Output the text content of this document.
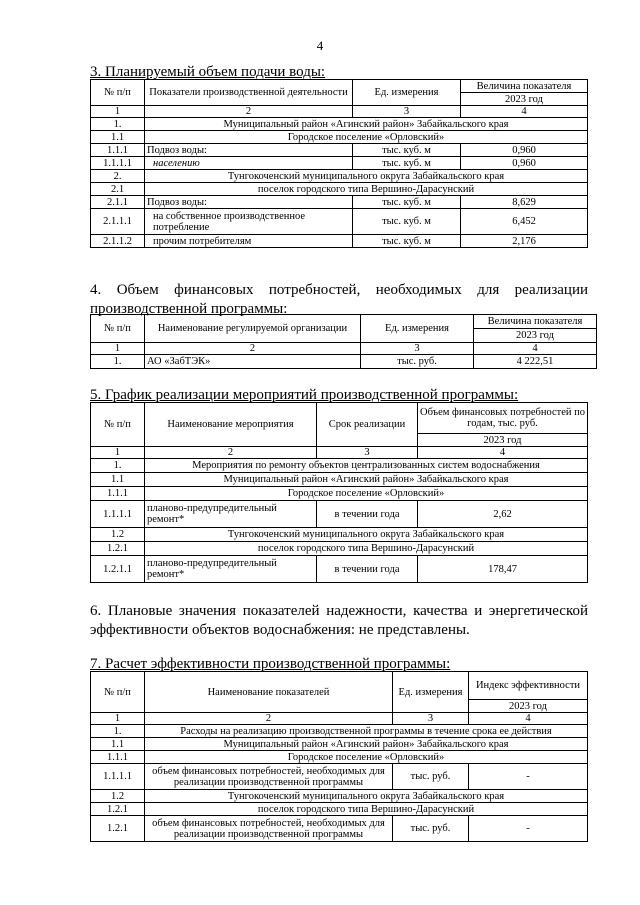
4
3. Планируемый объем подачи воды:
№ п/п	Показатели производственной деятельности	Ед. измерения	Величина показателя
			2023 год
1	2	3	4
1.	Муниципальный район «Агинский район» Забайкальского края		
1.1	Городское поселение «Орловский»		
1.1.1	Подвоз воды:	тыс. куб. м	0,960
1.1.1.1	населению	тыс. куб. м	0,960
2.	Тунгокоченский муниципального округа Забайкальского края		
2.1	поселок городского типа Вершино-Дарасунский		
2.1.1	Подвоз воды:	тыс. куб. м	8,629
2.1.1.1	на собственное производственное потребление	тыс. куб. м	6,452
2.1.1.2	прочим потребителям	тыс. куб. м	2,176
4. Объем финансовых потребностей, необходимых для реализации
производственной программы:
№ п/п	Наименование регулируемой организации	Ед. измерения	Величина показателя
			2023 год
1	2	3	4
1.	АО «ЗабТЭК»	тыс. руб.	4 222,51
5. График реализации мероприятий производственной программы:
№ п/п	Наименование мероприятия	Срок реализации	Объем финансовых потребностей по годам, тыс. руб.
			2023 год
1	2	3	4
1.	Мероприятия по ремонту объектов централизованных систем водоснабжения		
1.1	Муниципальный район «Агинский район» Забайкальского края		
1.1.1	Городское поселение «Орловский»		
1.1.1.1	планово-предупредительный ремонт*	в течении года	2,62
1.2	Тунгокоченский муниципального округа Забайкальского края		
1.2.1	поселок городского типа Вершино-Дарасунский		
1.2.1.1	планово-предупредительный ремонт*	в течении года	178,47
6. Плановые значения показателей надежности, качества и энергетической
эффективности объектов водоснабжения: не представлены.
7. Расчет эффективности производственной программы:
№ п/п	Наименование показателей	Ед. измерения	Индекс эффективности
			2023 год
1	2	3	4
1.	Расходы на реализацию производственной программы в течение срока ее действия		
1.1	Муниципальный район «Агинский район» Забайкальского края		
1.1.1	Городское поселение «Орловский»		
1.1.1.1	объем финансовых потребностей, необходимых для реализации производственной программы	тыс. руб.	-
1.2	Тунгокоченский муниципального округа Забайкальского края		
1.2.1	поселок городского типа Вершино-Дарасунский		
1.2.1	объем финансовых потребностей, необходимых для реализации производственной программы	тыс. руб.	-
